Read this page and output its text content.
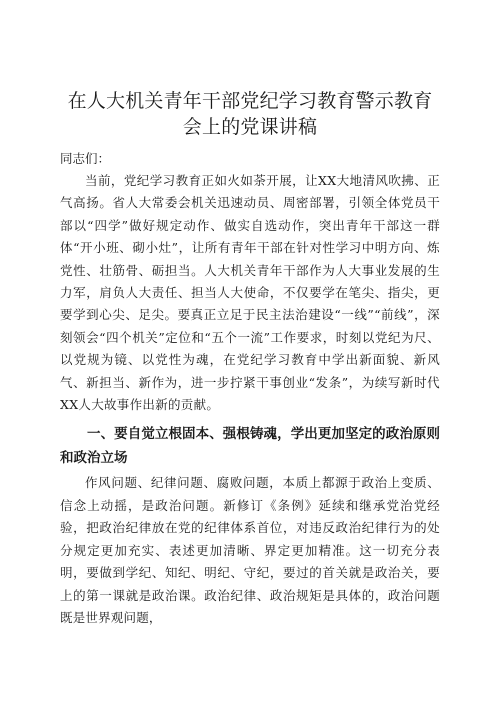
在人大机关青年干部党纪学习教育警示教育会上的党课讲稿

同志们：

当前，党纪学习教育正如火如荼开展，让XX大地清风吹拂、正气高扬。省人大常委会机关迅速动员、周密部署，引领全体党员干部以“四学”做好规定动作、做实自选动作，突出青年干部这一群体“开小班、砌小灶”，让所有青年干部在针对性学习中明方向、炼党性、壮筋骨、砺担当。人大机关青年干部作为人大事业发展的生力军，肩负人大责任、担当人大使命，不仅要学在笔尖、指尖，更要学到心尖、足尖。要真正立足于民主法治建设“一线”“前线”，深刻领会“四个机关”定位和“五个一流”工作要求，时刻以党纪为尺、以党规为镜、以党性为魂，在党纪学习教育中学出新面貌、新风气、新担当、新作为，进一步拧紧干事创业“发条”，为续写新时代XX人大故事作出新的贡献。

一、要自觉立根固本、强根铸魂，学出更加坚定的政治原则和政治立场

作风问题、纪律问题、腐败问题，本质上都源于政治上变质、信念上动摇，是政治问题。新修订《条例》延续和继承党治党经验，把政治纪律放在党的纪律体系首位，对违反政治纪律行为的处分规定更加充实、表述更加清晰、界定更加精准。这一切充分表明，要做到学纪、知纪、明纪、守纪，要过的首关就是政治关，要上的第一课就是政治课。政治纪律、政治规矩是具体的，政治问题既是世界观问题，
